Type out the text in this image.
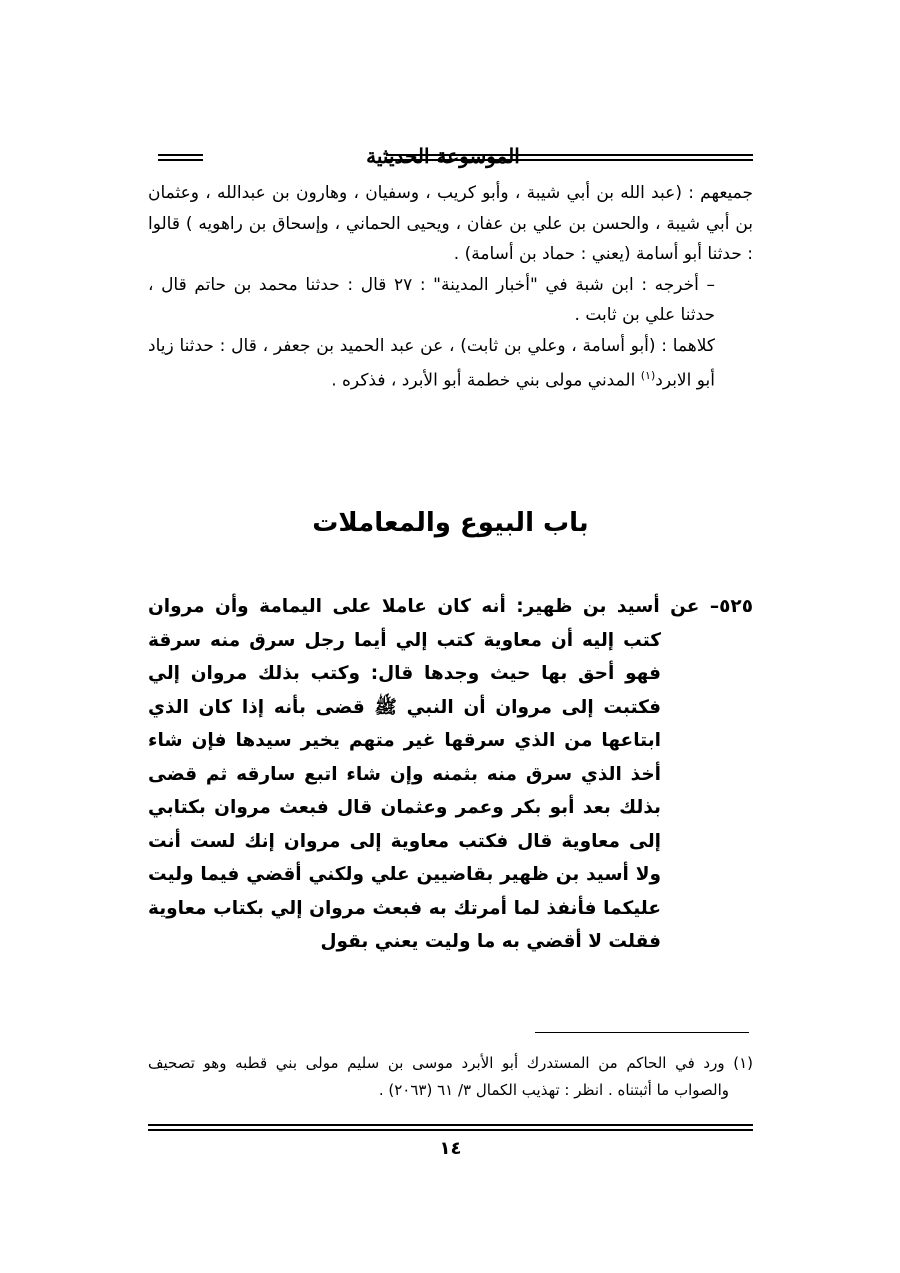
الموسوعة الحديثية

جميعهم : (عبد الله بن أبي شيبة ، وأبو كريب ، وسفيان ، وهارون بن عبدالله ، وعثمان بن أبي شيبة ، والحسن بن علي بن عفان ، ويحيى الحماني ، وإسحاق بن راهويه ) قالوا : حدثنا أبو أسامة (يعني : حماد بن أسامة) .

– أخرجه : ابن شبة في "أخبار المدينة" : ٢٧ قال : حدثنا محمد بن حاتم قال ، حدثنا علي بن ثابت .

كلاهما : (أبو أسامة ، وعلي بن ثابت) ، عن عبد الحميد بن جعفر ، قال : حدثنا زياد أبو الابرد$^{(١)}$ المدني مولى بني خطمة أبو الأبرد ، فذكره .

باب البيوع والمعاملات

٥٢٥– عن أسيد بن ظهير: أنه كان عاملا على اليمامة وأن مروان كتب إليه أن معاوية كتب إلي أيما رجل سرق منه سرقة فهو أحق بها حيث وجدها قال: وكتب بذلك مروان إلي فكتبت إلى مروان أن النبي ﷺ قضى بأنه إذا كان الذي ابتاعها من الذي سرقها غير متهم يخير سيدها فإن شاء أخذ الذي سرق منه بثمنه وإن شاء اتبع سارقه ثم قضى بذلك بعد أبو بكر وعمر وعثمان قال فبعث مروان بكتابي إلى معاوية قال فكتب معاوية إلى مروان إنك لست أنت ولا أسيد بن ظهير بقاضيين علي ولكني أقضي فيما وليت عليكما فأنفذ لما أمرتك به فبعث مروان إلي بكتاب معاوية فقلت لا أقضي به ما وليت يعني بقول

(١) ورد في الحاكم من المستدرك أبو الأبرد موسى بن سليم مولى بني قطبه وهو تصحيف والصواب ما أثبتناه . انظر : تهذيب الكمال ٣/ ٦١ (٢٠٦٣) .

١٤
